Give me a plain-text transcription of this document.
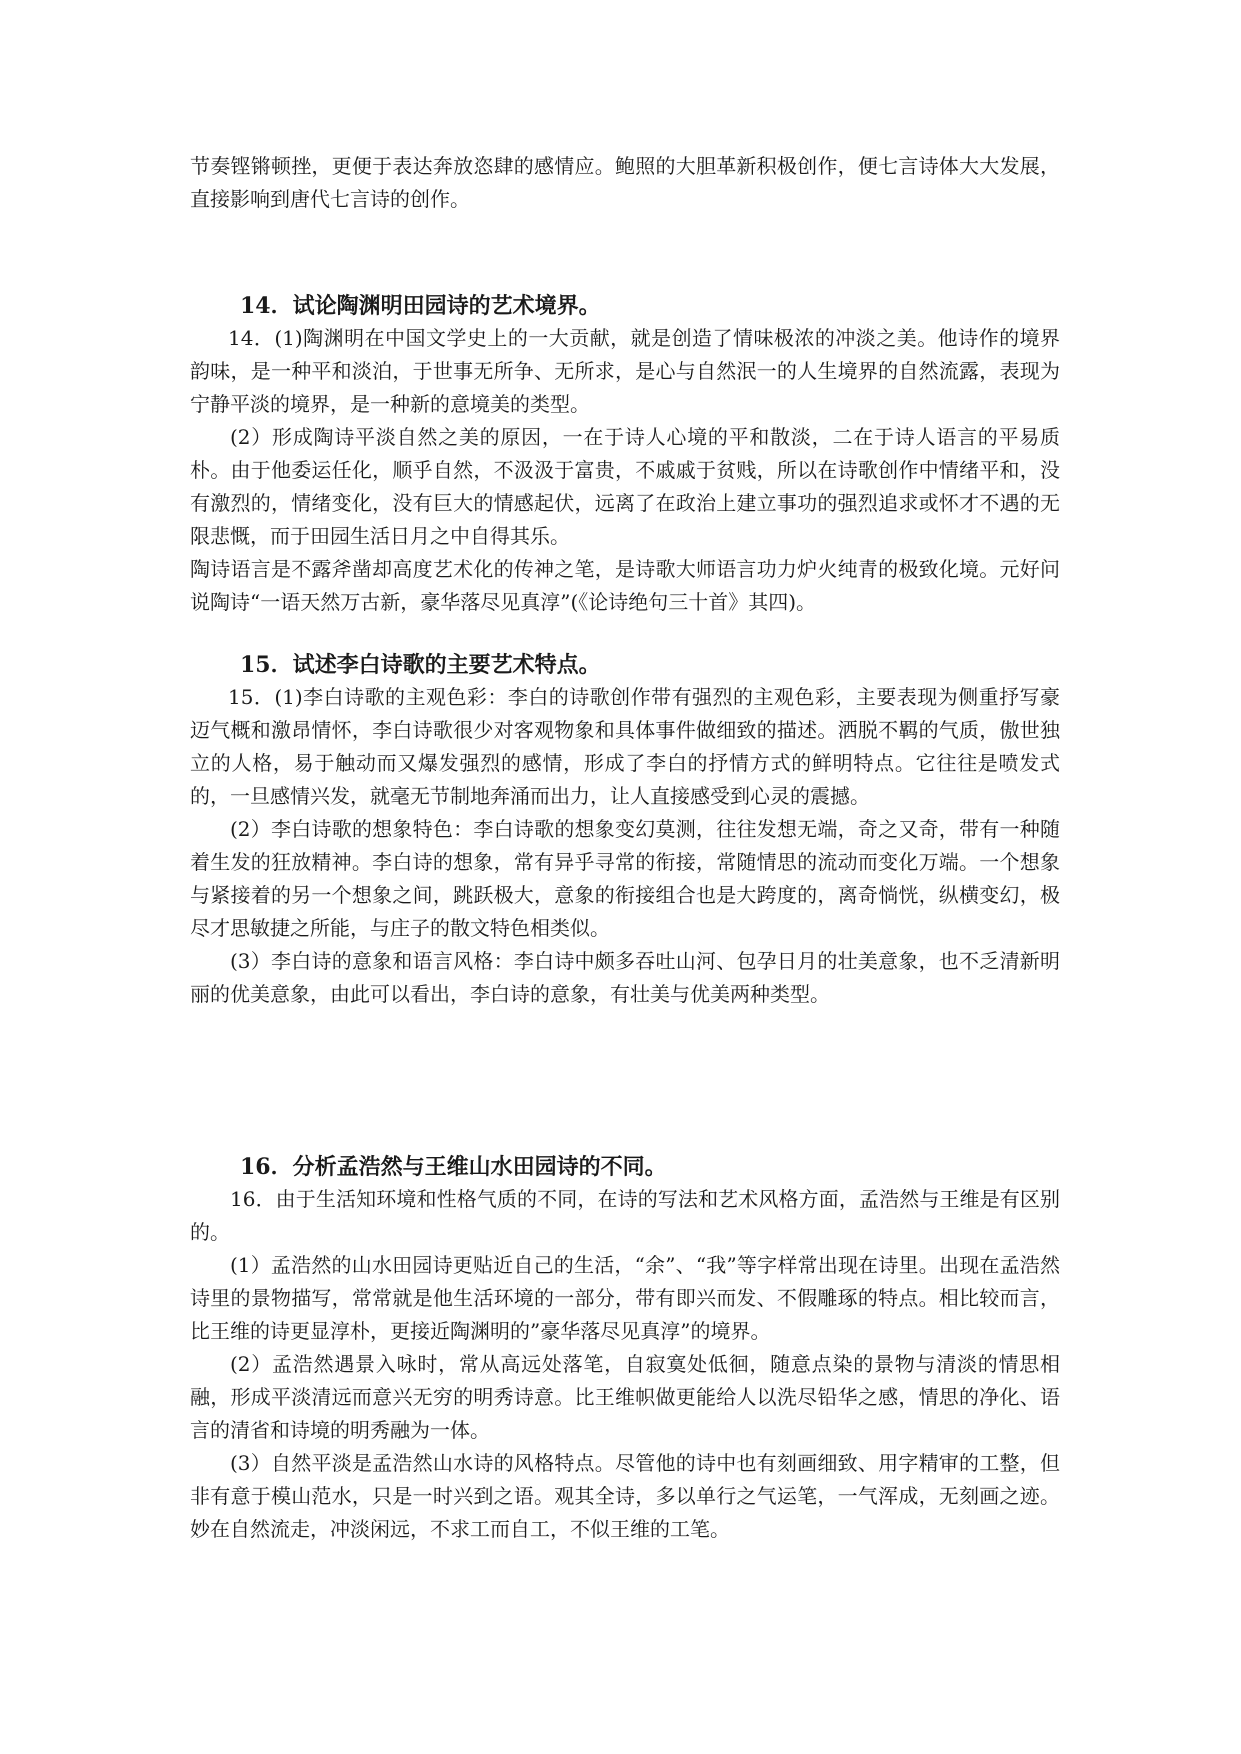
节奏铿锵顿挫，更便于表达奔放恣肆的感情应。鲍照的大胆革新积极创作，便七言诗体大大发展，直接影响到唐代七言诗的创作。

14．试论陶渊明田园诗的艺术境界。

14．(1)陶渊明在中国文学史上的一大贡献，就是创造了情味极浓的冲淡之美。他诗作的境界韵味，是一种平和淡泊，于世事无所争、无所求，是心与自然泯一的人生境界的自然流露，表现为宁静平淡的境界，是一种新的意境美的类型。

(2）形成陶诗平淡自然之美的原因，一在于诗人心境的平和散淡，二在于诗人语言的平易质朴。由于他委运任化，顺乎自然，不汲汲于富贵，不戚戚于贫贱，所以在诗歌创作中情绪平和，没有激烈的，情绪变化，没有巨大的情感起伏，远离了在政治上建立事功的强烈追求或怀才不遇的无限悲慨，而于田园生活日月之中自得其乐。

陶诗语言是不露斧凿却高度艺术化的传神之笔，是诗歌大师语言功力炉火纯青的极致化境。元好问说陶诗“一语天然万古新，豪华落尽见真淳”(《论诗绝句三十首》其四)。

15．试述李白诗歌的主要艺术特点。

15．(1)李白诗歌的主观色彩：李白的诗歌创作带有强烈的主观色彩，主要表现为侧重抒写豪迈气概和激昂情怀，李白诗歌很少对客观物象和具体事件做细致的描述。洒脱不羁的气质，傲世独立的人格，易于触动而又爆发强烈的感情，形成了李白的抒情方式的鲜明特点。它往往是喷发式的，一旦感情兴发，就毫无节制地奔涌而出力，让人直接感受到心灵的震撼。

(2）李白诗歌的想象特色：李白诗歌的想象变幻莫测，往往发想无端，奇之又奇，带有一种随着生发的狂放精神。李白诗的想象，常有异乎寻常的衔接，常随情思的流动而变化万端。一个想象与紧接着的另一个想象之间，跳跃极大，意象的衔接组合也是大跨度的，离奇惝恍，纵横变幻，极尽才思敏捷之所能，与庄子的散文特色相类似。

(3）李白诗的意象和语言风格：李白诗中颇多吞吐山河、包孕日月的壮美意象，也不乏清新明丽的优美意象，由此可以看出，李白诗的意象，有壮美与优美两种类型。

16．分析孟浩然与王维山水田园诗的不同。

16．由于生活知环境和性格气质的不同，在诗的写法和艺术风格方面，孟浩然与王维是有区别的。

(1）孟浩然的山水田园诗更贴近自己的生活，“余”、“我”等字样常出现在诗里。出现在孟浩然诗里的景物描写，常常就是他生活环境的一部分，带有即兴而发、不假雕琢的特点。相比较而言，比王维的诗更显淳朴，更接近陶渊明的”豪华落尽见真淳”的境界。

(2）孟浩然遇景入咏时，常从高远处落笔，自寂寞处低徊，随意点染的景物与清淡的情思相融，形成平淡清远而意兴无穷的明秀诗意。比王维帜做更能给人以洗尽铅华之感，情思的净化、语言的清省和诗境的明秀融为一体。

(3）自然平淡是孟浩然山水诗的风格特点。尽管他的诗中也有刻画细致、用字精审的工整，但非有意于模山范水，只是一时兴到之语。观其全诗，多以单行之气运笔，一气浑成，无刻画之迹。妙在自然流走，冲淡闲远，不求工而自工，不似王维的工笔。
